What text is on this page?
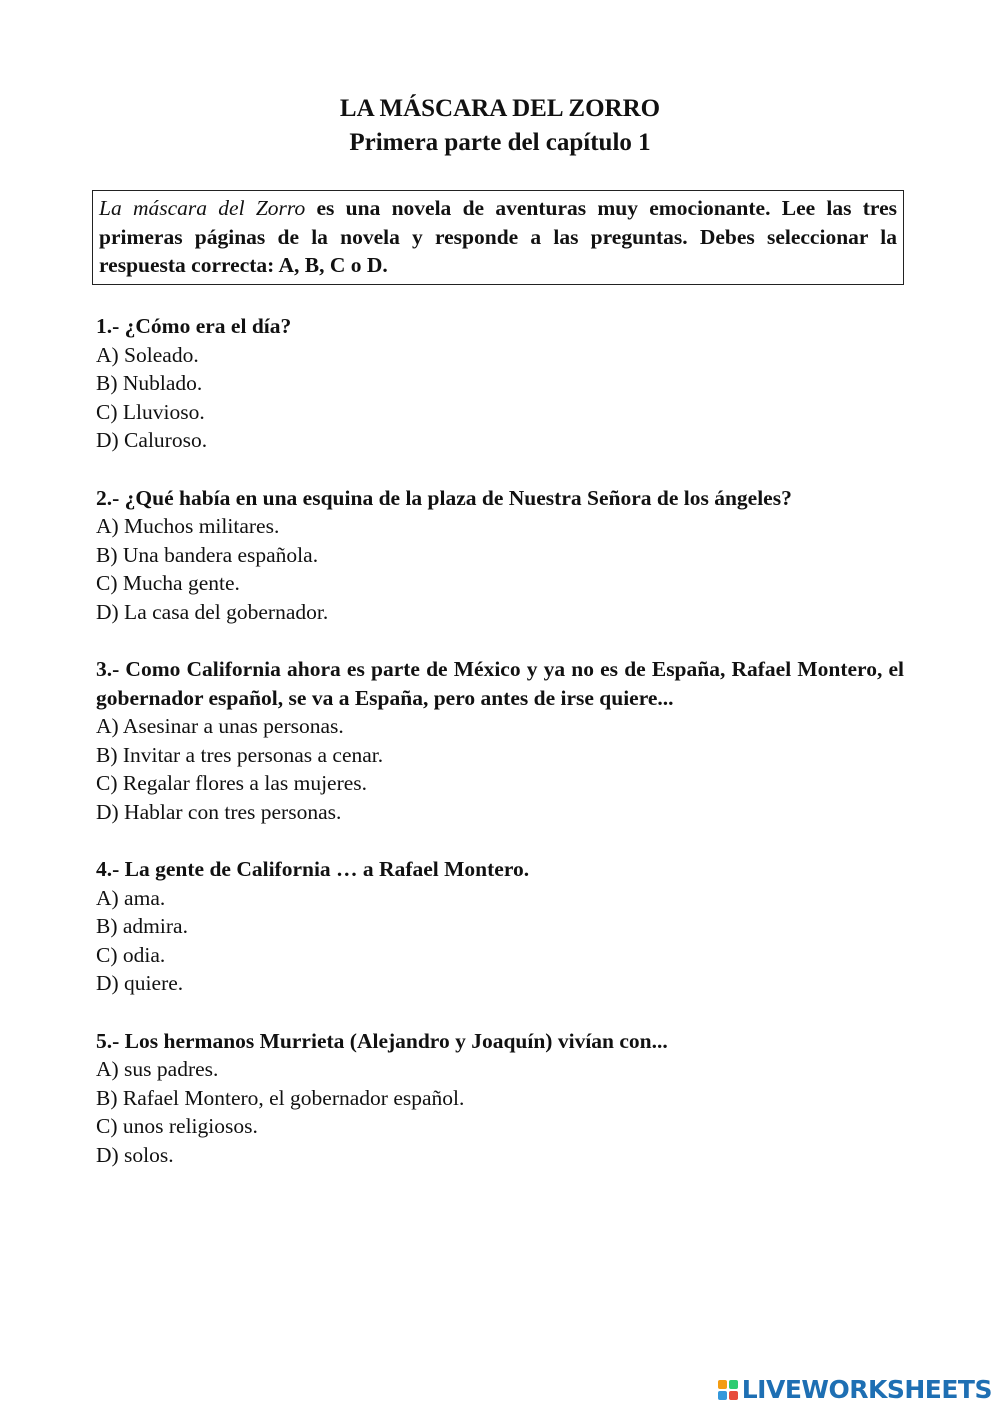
LA MÁSCARA DEL ZORRO
Primera parte del capítulo 1
La máscara del Zorro es una novela de aventuras muy emocionante. Lee las tres primeras páginas de la novela y responde a las preguntas. Debes seleccionar la respuesta correcta: A, B, C o D.
1.- ¿Cómo era el día?
A) Soleado.
B) Nublado.
C) Lluvioso.
D) Caluroso.
2.- ¿Qué había en una esquina de la plaza de Nuestra Señora de los ángeles?
A) Muchos militares.
B) Una bandera española.
C) Mucha gente.
D) La casa del gobernador.
3.- Como California ahora es parte de México y ya no es de España, Rafael Montero, el gobernador español, se va a España, pero antes de irse quiere...
A) Asesinar a unas personas.
B) Invitar a tres personas a cenar.
C) Regalar flores a las mujeres.
D) Hablar con tres personas.
4.- La gente de California … a Rafael Montero.
A) ama.
B) admira.
C) odia.
D) quiere.
5.- Los hermanos Murrieta (Alejandro y Joaquín) vivían con...
A) sus padres.
B) Rafael Montero, el gobernador español.
C) unos religiosos.
D) solos.
LIVEWORKSHEETS
